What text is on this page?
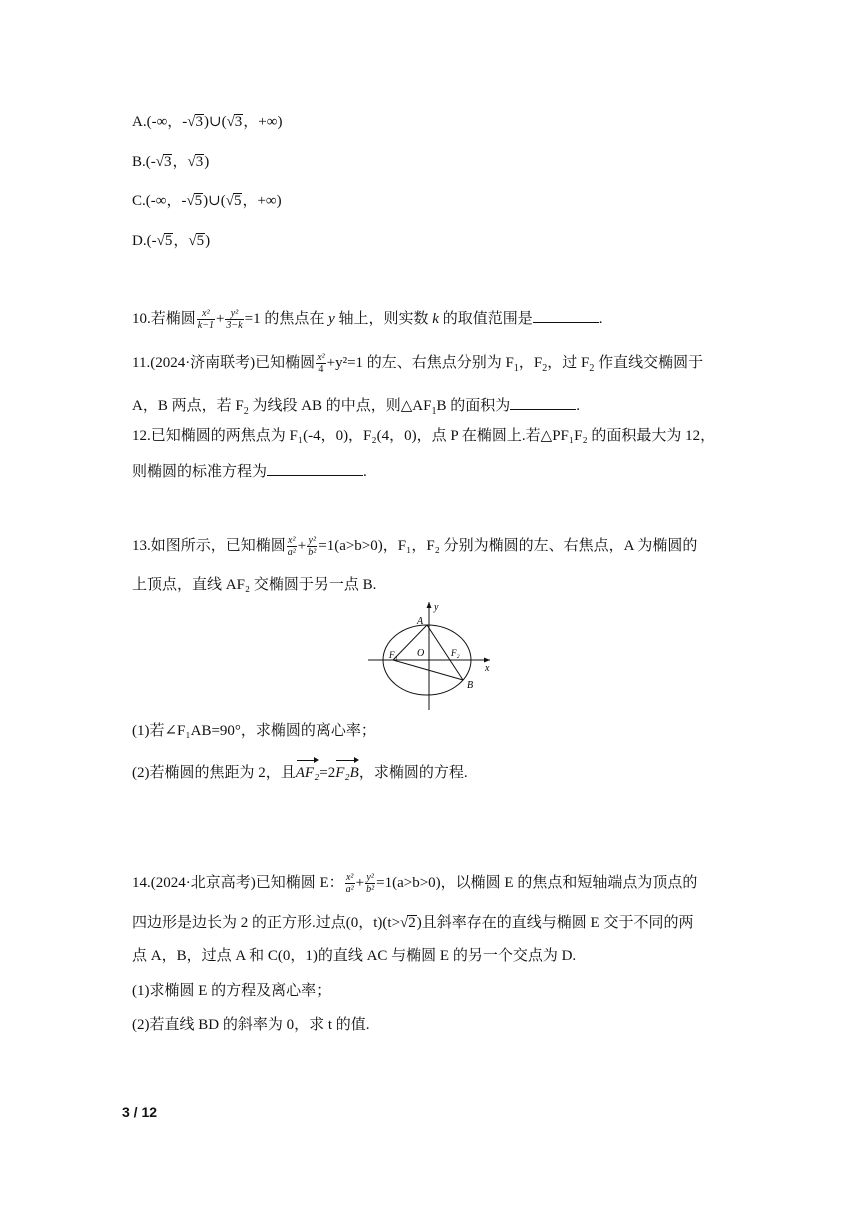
A.(-∞，-√3)∪(√3，+∞)
B.(-√3，√3)
C.(-∞，-√5)∪(√5，+∞)
D.(-√5，√5)
10.若椭圆 $\frac{\text{x²}}{k-1} + \frac{\text{y²}}{3-k} =1$ 的焦点在 y 轴上，则实数 k 的取值范围是	.
11.(2024·济南联考)已知椭圆 $\frac{\text{x²}}{4} +y^2=1$ 的左、右焦点分别为 $F_1$，$F_2$，过 $F_2$ 作直线交椭圆于
A，B 两点，若 $F_2$ 为线段 AB 的中点，则$\triangle AF_1B$ 的面积为	.
12.已知椭圆的两焦点为 F₁(-4，0)，F₂(4，0)，点 P 在椭圆上.若△PF₁F₂ 的面积最大为 12，
则椭圆的标准方程为	.
13.如图所示，已知椭圆 $\frac{\text{x²}}{\text{a²}} + \frac{\text{y²}}{\text{b²}} =1(a>b>0)$，F₁，F₂ 分别为椭圆的左、右焦点，A 为椭圆的
上顶点，直线 AF₂ 交椭圆于另一点 B.
y
x
A
B
O
F₁	F₂
(1)若∠F₁AB=90°，求椭圆的离心率；
(2)若椭圆的焦距为 2，且AF₂=2F₂B，求椭圆的方程.
14.(2024·北京高考)已知椭圆 E： $\frac{\text{x²}}{\text{a²}} + \frac{\text{y²}}{\text{b²}} =1(a>b>0)$，以椭圆 E 的焦点和短轴端点为顶点的
四边形是边长为 2 的正方形.过点(0，t)(t>√2)且斜率存在的直线与椭圆 E 交于不同的两
点 A，B，过点 A 和 C(0，1)的直线 AC 与椭圆 E 的另一个交点为 D.
(1)求椭圆 E 的方程及离心率；
(2)若直线 BD 的斜率为 0，求 t 的值.
3 / 12
